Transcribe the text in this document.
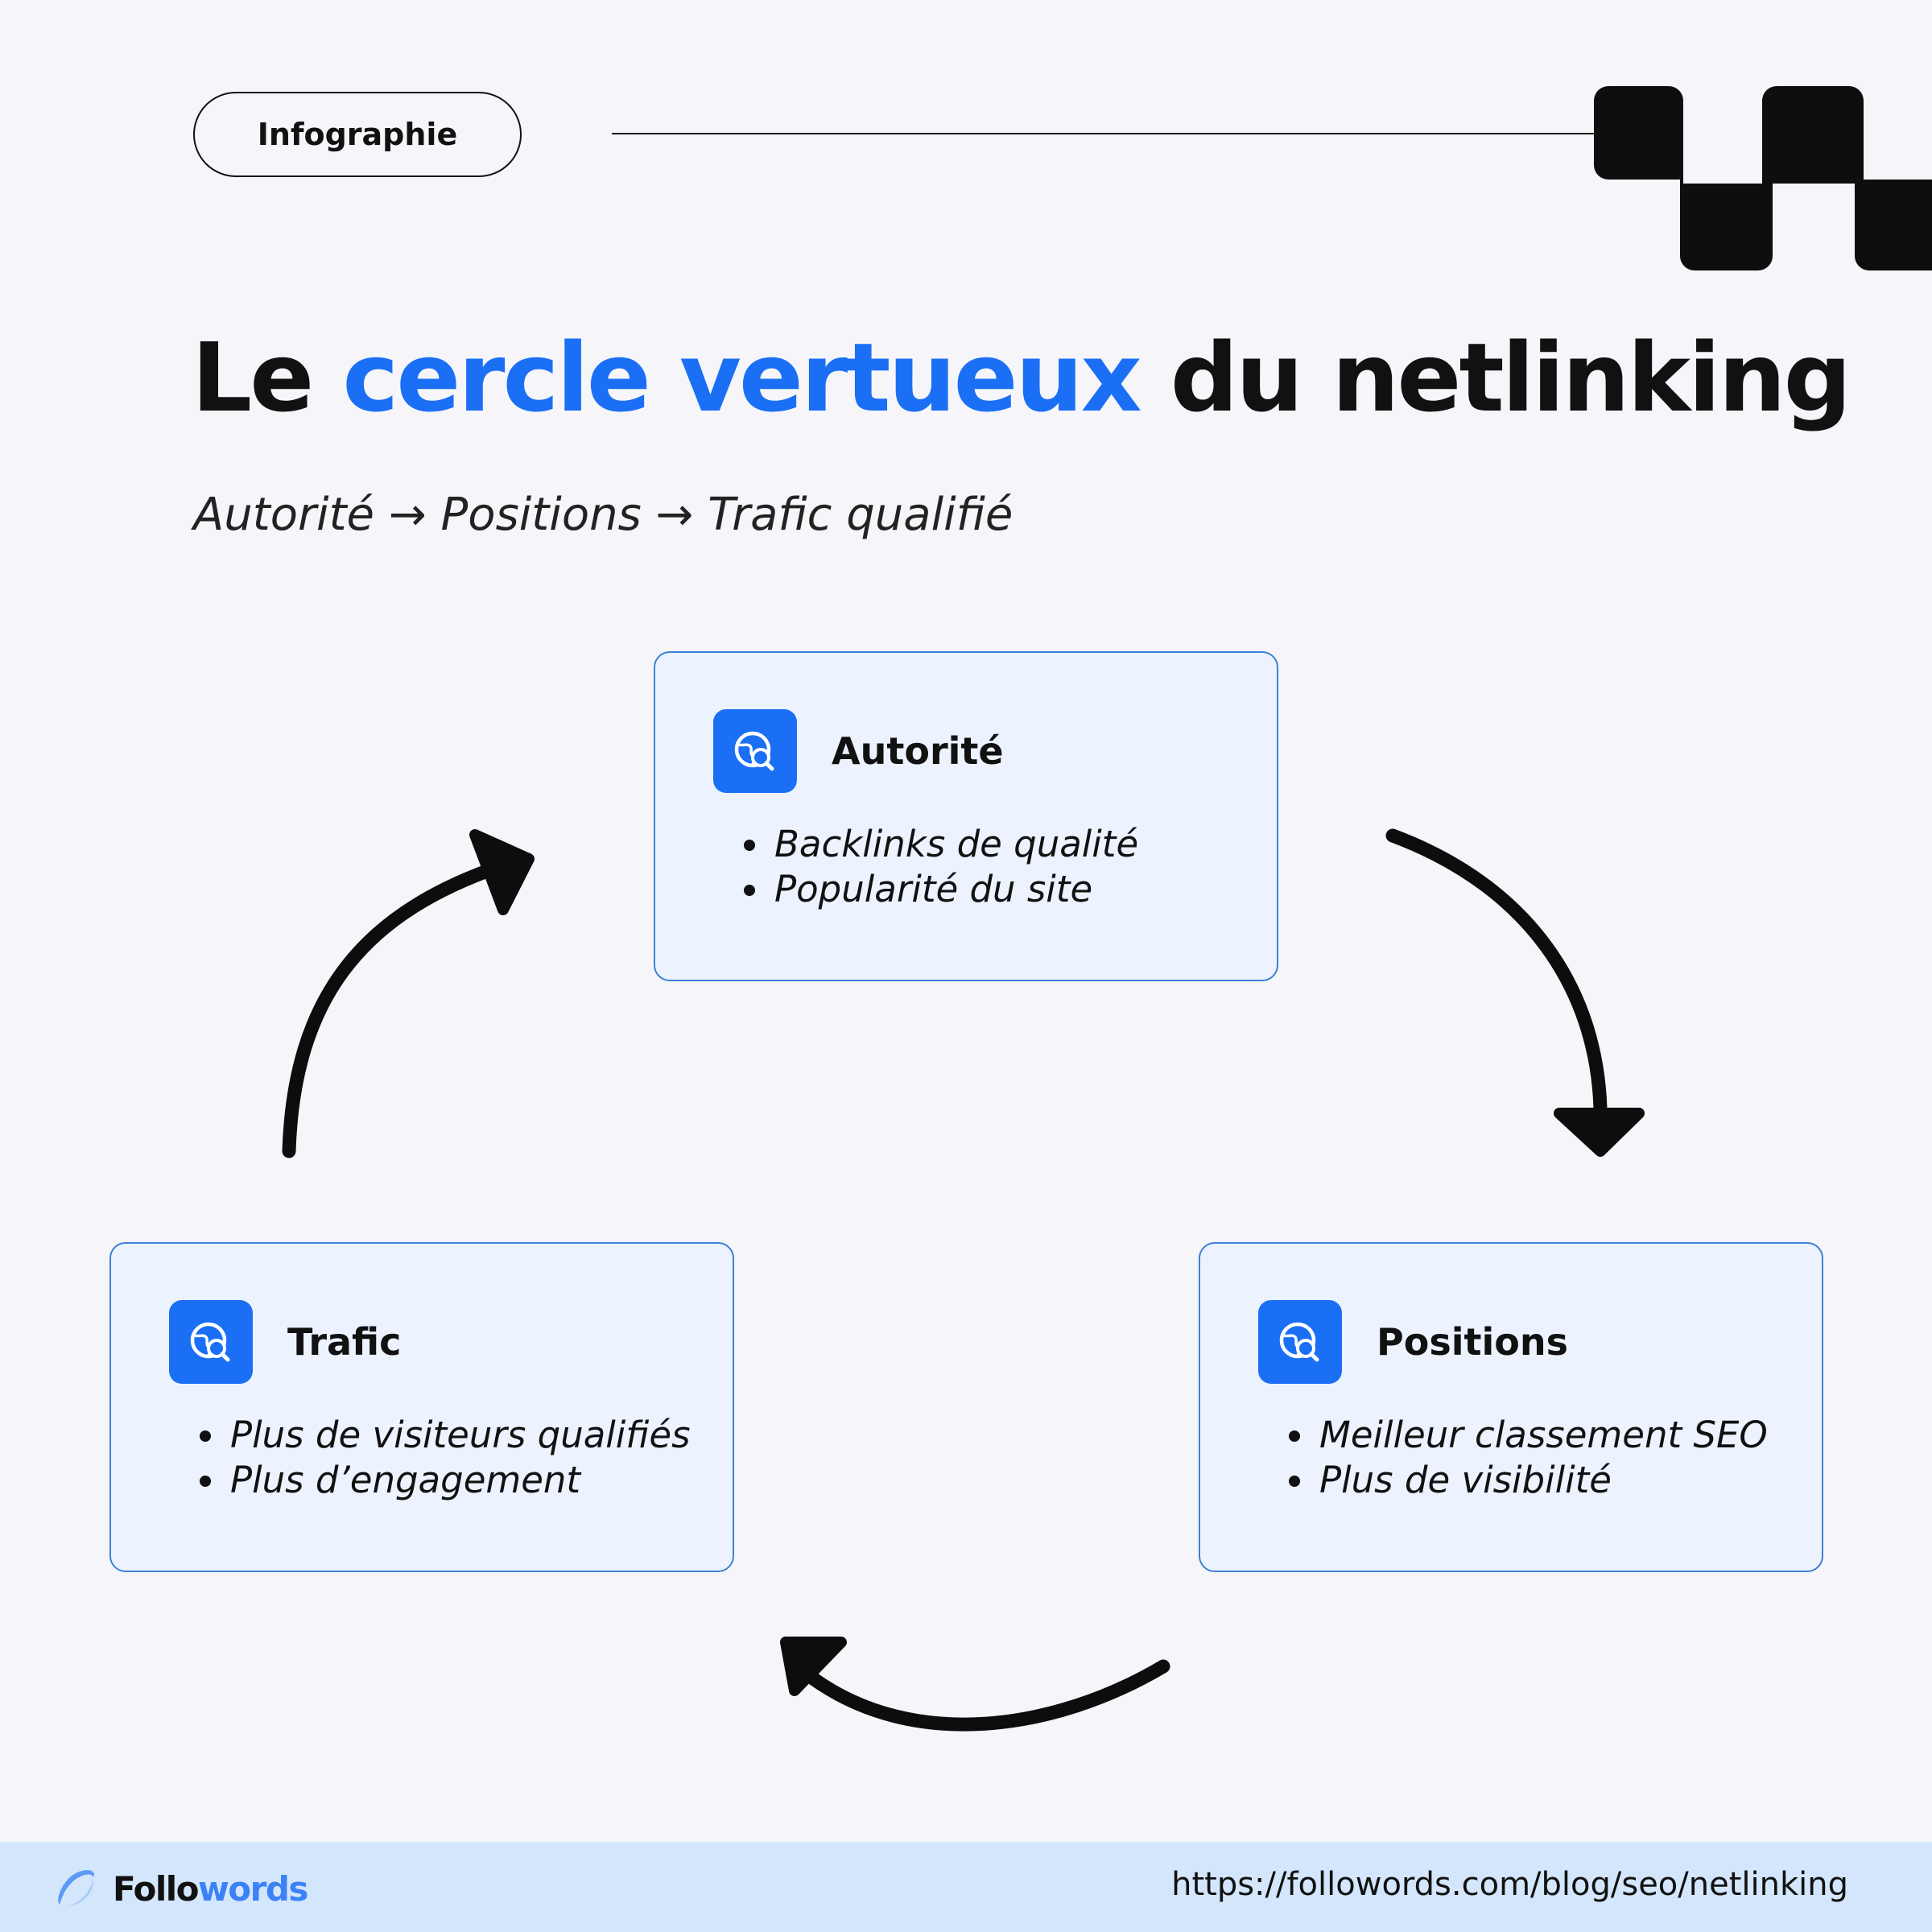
Infographie
Le cercle vertueux du netlinking
Autorité → Positions → Trafic qualifié
Autorité
Backlinks de qualité
Popularité du site
Positions
Meilleur classement SEO
Plus de visibilité
Trafic
Plus de visiteurs qualifiés
Plus d’engagement
Followords	https://followords.com/blog/seo/netlinking
